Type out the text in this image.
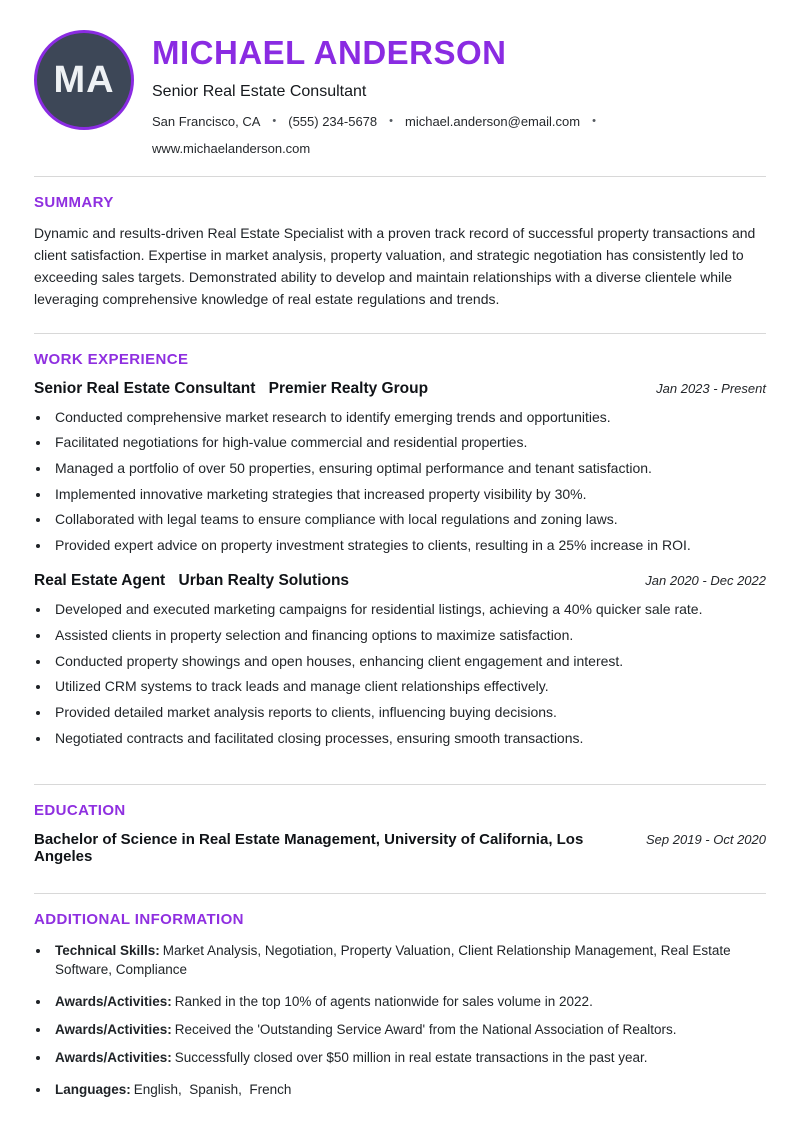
MA
MICHAEL ANDERSON
Senior Real Estate Consultant
San Francisco, CA • (555) 234-5678 • michael.anderson@email.com •
www.michaelanderson.com
SUMMARY

Dynamic and results-driven Real Estate Specialist with a proven track record of successful property transactions and client satisfaction. Expertise in market analysis, property valuation, and strategic negotiation has consistently led to exceeding sales targets. Demonstrated ability to develop and maintain relationships with a diverse clientele while leveraging comprehensive knowledge of real estate regulations and trends.

WORK EXPERIENCE
Senior Real Estate Consultant Premier Realty Group	Jan 2023 - Present
• Conducted comprehensive market research to identify emerging trends and opportunities.
• Facilitated negotiations for high-value commercial and residential properties.
• Managed a portfolio of over 50 properties, ensuring optimal performance and tenant satisfaction.
• Implemented innovative marketing strategies that increased property visibility by 30%.
• Collaborated with legal teams to ensure compliance with local regulations and zoning laws.
• Provided expert advice on property investment strategies to clients, resulting in a 25% increase in ROI.
Real Estate Agent Urban Realty Solutions	Jan 2020 - Dec 2022
• Developed and executed marketing campaigns for residential listings, achieving a 40% quicker sale rate.
• Assisted clients in property selection and financing options to maximize satisfaction.
• Conducted property showings and open houses, enhancing client engagement and interest.
• Utilized CRM systems to track leads and manage client relationships effectively.
• Provided detailed market analysis reports to clients, influencing buying decisions.
• Negotiated contracts and facilitated closing processes, ensuring smooth transactions.
EDUCATION
Bachelor of Science in Real Estate Management, University of California, Los Angeles
Sep 2019 - Oct 2020
ADDITIONAL INFORMATION
• Technical Skills: Market Analysis, Negotiation, Property Valuation, Client Relationship Management, Real Estate Software, Compliance
• Awards/Activities: Ranked in the top 10% of agents nationwide for sales volume in 2022.
• Awards/Activities: Received the 'Outstanding Service Award' from the National Association of Realtors.
• Awards/Activities: Successfully closed over $50 million in real estate transactions in the past year.
• Languages: English,  Spanish,  French
